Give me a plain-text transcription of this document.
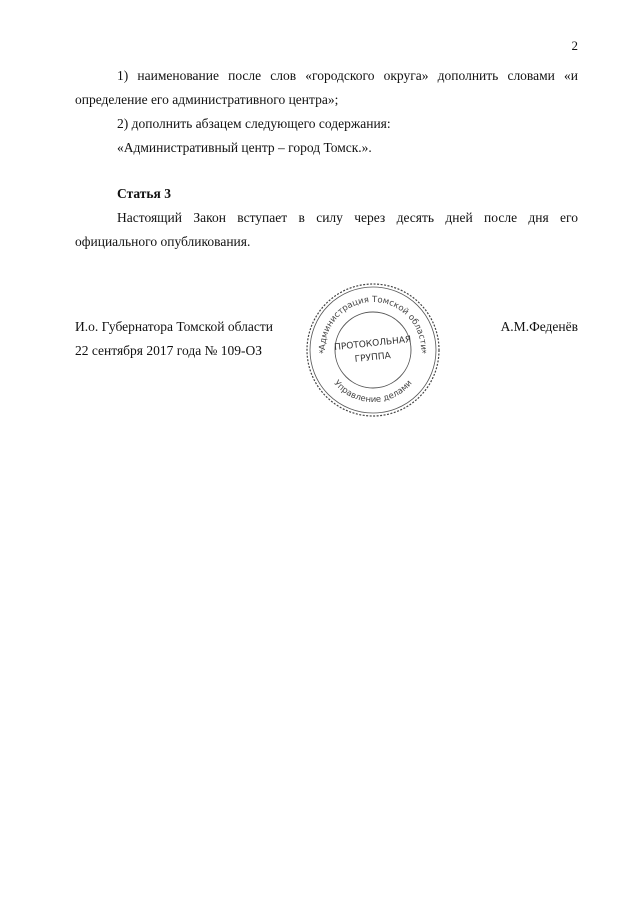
2

1) наименование после слов «городского округа» дополнить словами «и определение его административного центра»;

2) дополнить абзацем следующего содержания:

«Административный центр – город Томск.».

Статья 3

Настоящий Закон вступает в силу через десять дней после дня его официального опубликования.

И.о. Губернатора Томской области
22 сентября 2017 года № 109-ОЗ
А.М.Феденёв
Администрация Томской области
Управление делами
*	*
ПРОТОКОЛЬНАЯ
ГРУППА
